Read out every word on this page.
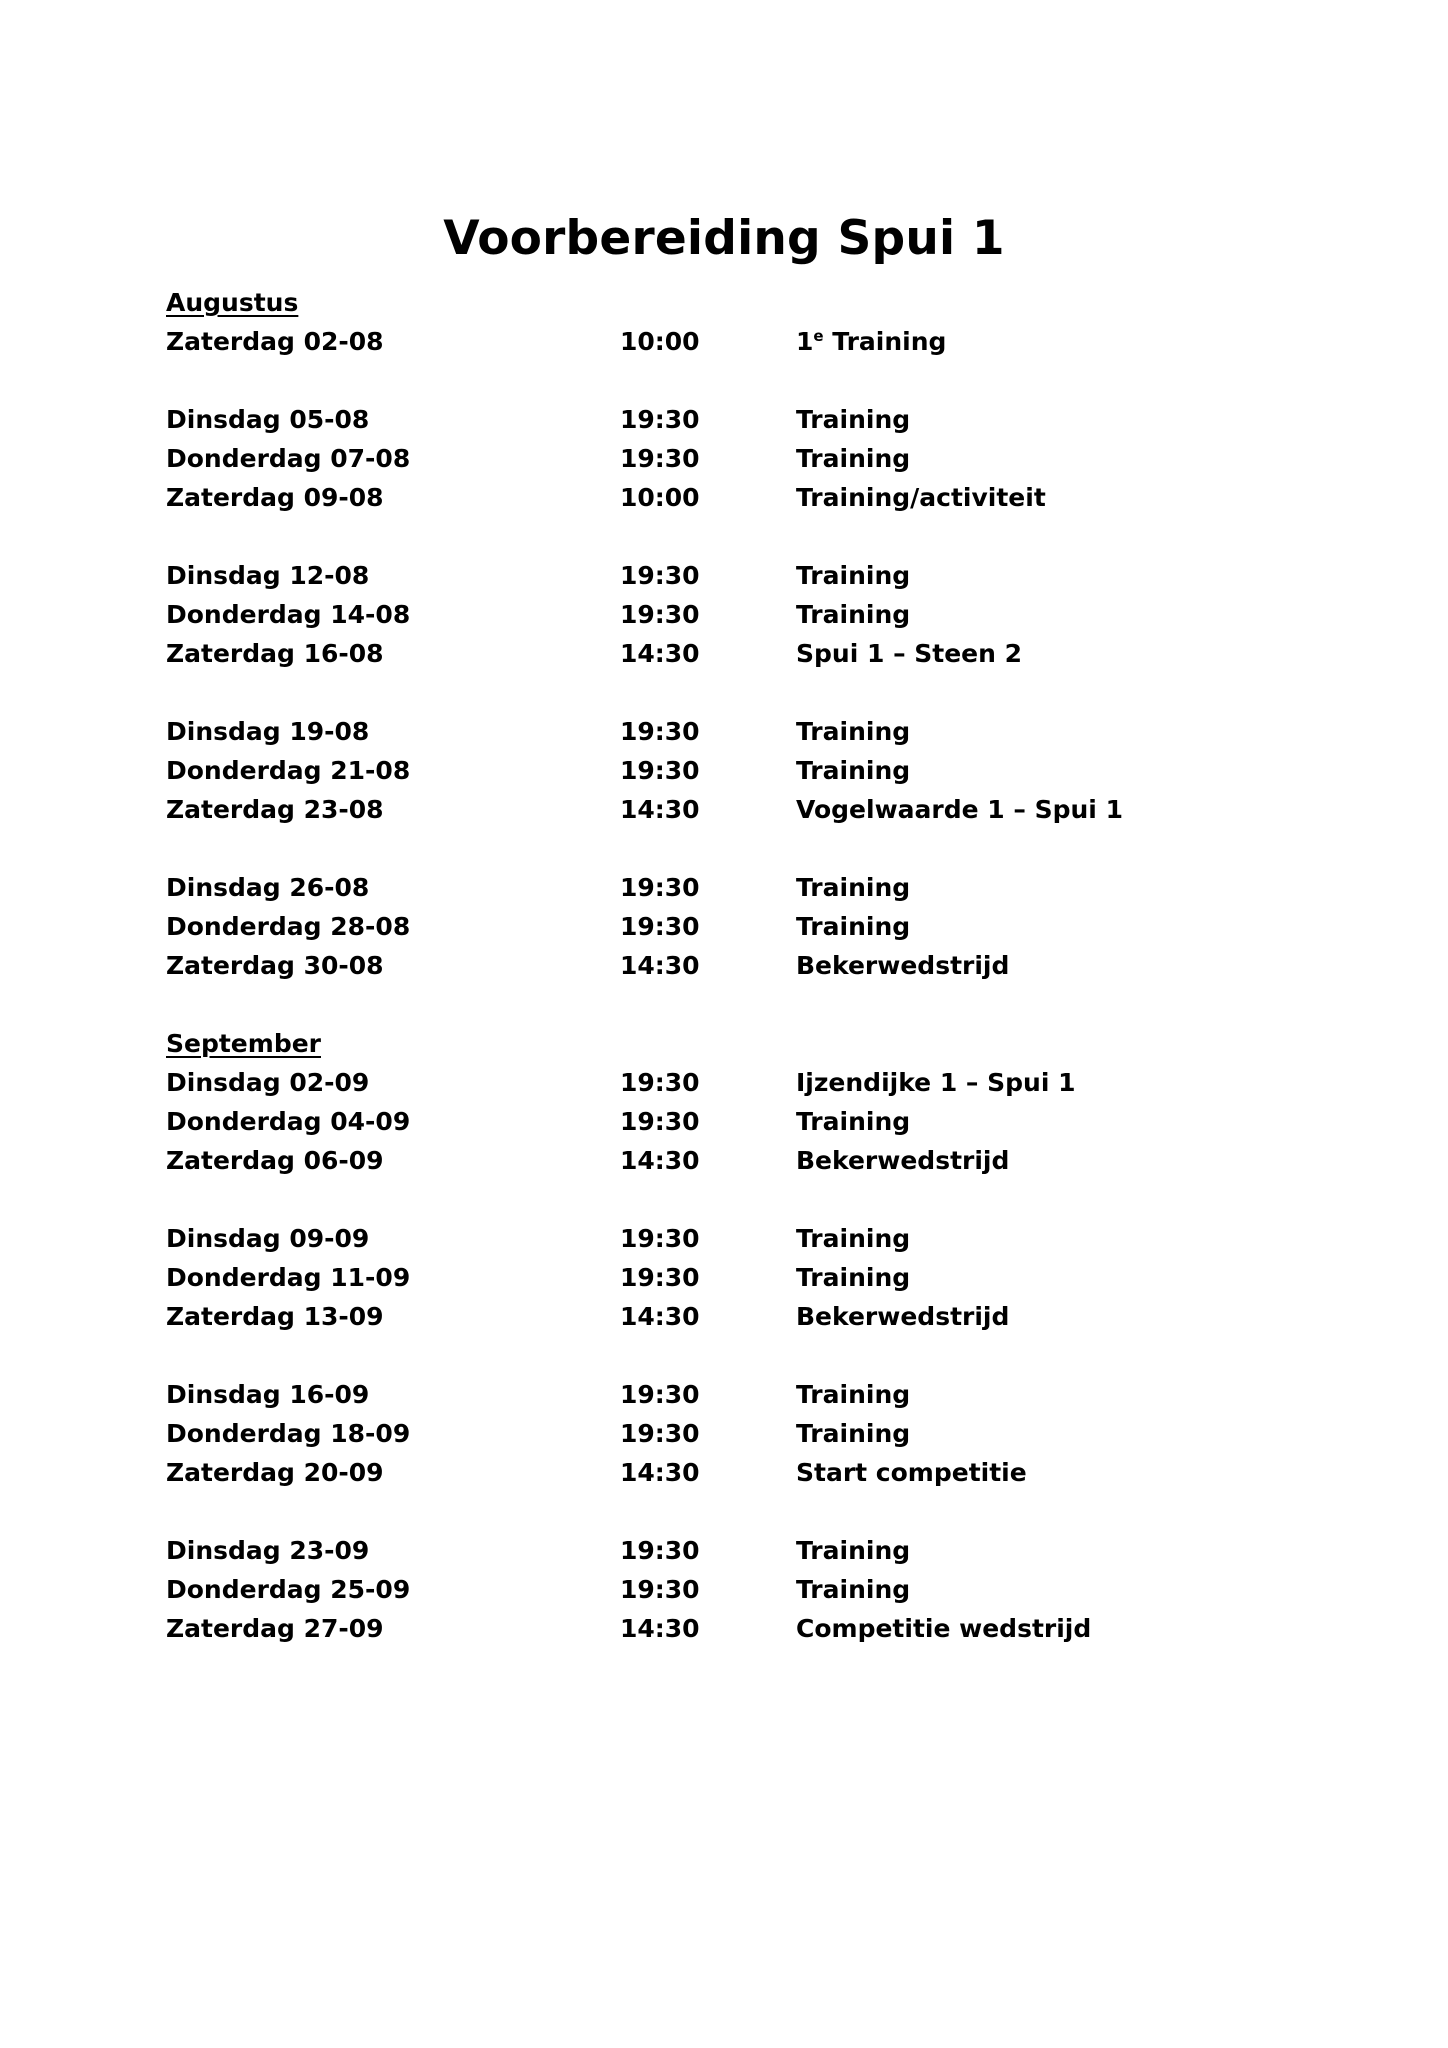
Voorbereiding Spui 1
Augustus
Zaterdag 02-08	10:00	1e Training
Dinsdag 05-08	19:30	Training
Donderdag 07-08	19:30	Training
Zaterdag 09-08	10:00	Training/activiteit
Dinsdag 12-08	19:30	Training
Donderdag 14-08	19:30	Training
Zaterdag 16-08	14:30	Spui 1 – Steen 2
Dinsdag 19-08	19:30	Training
Donderdag 21-08	19:30	Training
Zaterdag 23-08	14:30	Vogelwaarde 1 – Spui 1
Dinsdag 26-08	19:30	Training
Donderdag 28-08	19:30	Training
Zaterdag 30-08	14:30	Bekerwedstrijd
September
Dinsdag 02-09	19:30	Ijzendijke 1 – Spui 1
Donderdag 04-09	19:30	Training
Zaterdag 06-09	14:30	Bekerwedstrijd
Dinsdag 09-09	19:30	Training
Donderdag 11-09	19:30	Training
Zaterdag 13-09	14:30	Bekerwedstrijd
Dinsdag 16-09	19:30	Training
Donderdag 18-09	19:30	Training
Zaterdag 20-09	14:30	Start competitie
Dinsdag 23-09	19:30	Training
Donderdag 25-09	19:30	Training
Zaterdag 27-09	14:30	Competitie wedstrijd
